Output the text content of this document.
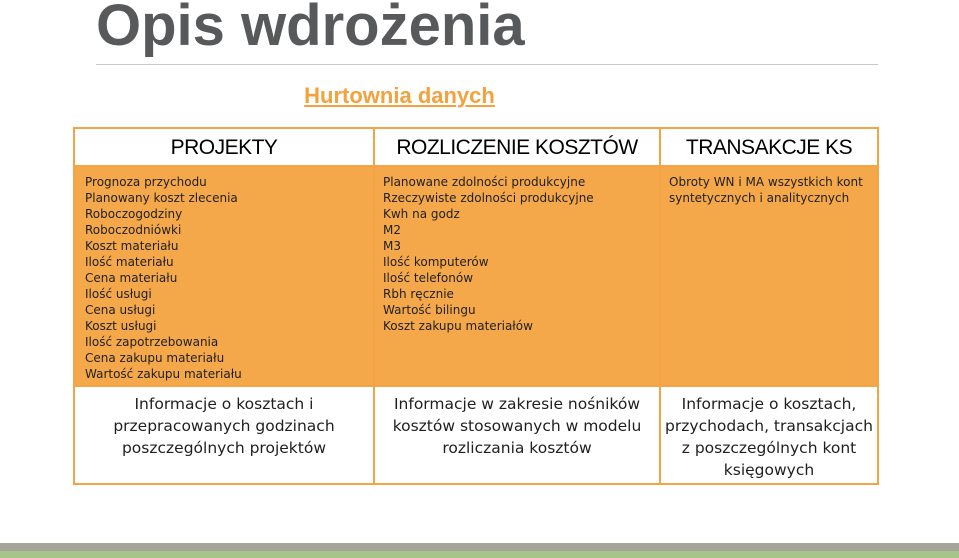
Opis wdrożenia
Hurtownia danych
PROJEKTY
Prognoza przychodu
Planowany koszt zlecenia
Roboczogodziny
Roboczodniówki
Koszt materiału
Ilość materiału
Cena materiału
Ilość usługi
Cena usługi
Koszt usługi
Ilość zapotrzebowania
Cena zakupu materiału
Wartość zakupu materiału
Informacje o kosztach i przepracowanych godzinach poszczególnych projektów
ROZLICZENIE KOSZTÓW
Planowane zdolności produkcyjne
Rzeczywiste zdolności produkcyjne
Kwh na godz
M2
M3
Ilość komputerów
Ilość telefonów
Rbh ręcznie
Wartość bilingu
Koszt zakupu materiałów
Informacje w zakresie nośników kosztów stosowanych w modelu rozliczania kosztów
TRANSAKCJE KS
Obroty WN i MA wszystkich kont syntetycznych i analitycznych
Informacje o kosztach, przychodach, transakcjach z poszczególnych kont księgowych
